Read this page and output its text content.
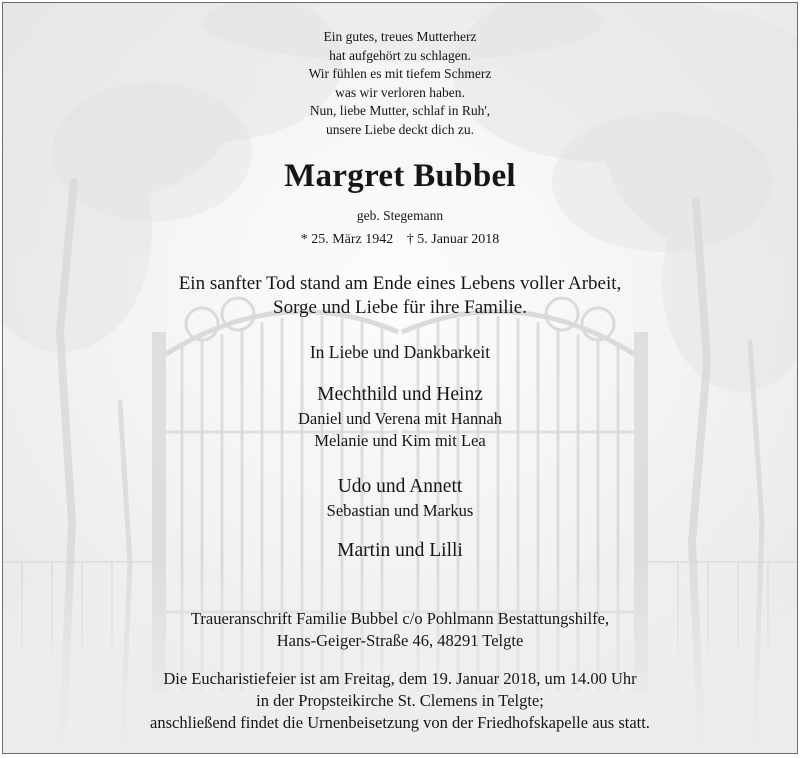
Ein gutes, treues Mutterherz
hat aufgehört zu schlagen.
Wir fühlen es mit tiefem Schmerz
was wir verloren haben.
Nun, liebe Mutter, schlaf in Ruh',
unsere Liebe deckt dich zu.
Margret Bubbel
geb. Stegemann
* 25. März 1942 † 5. Januar 2018
Ein sanfter Tod stand am Ende eines Lebens voller Arbeit,
Sorge und Liebe für ihre Familie.
In Liebe und Dankbarkeit
Mechthild und Heinz
Daniel und Verena mit Hannah
Melanie und Kim mit Lea
Udo und Annett
Sebastian und Markus
Martin und Lilli
Traueranschrift Familie Bubbel c/o Pohlmann Bestattungshilfe,
Hans-Geiger-Straße 46, 48291 Telgte
Die Eucharistiefeier ist am Freitag, dem 19. Januar 2018, um 14.00 Uhr
in der Propsteikirche St. Clemens in Telgte;
anschließend findet die Urnenbeisetzung von der Friedhofskapelle aus statt.
